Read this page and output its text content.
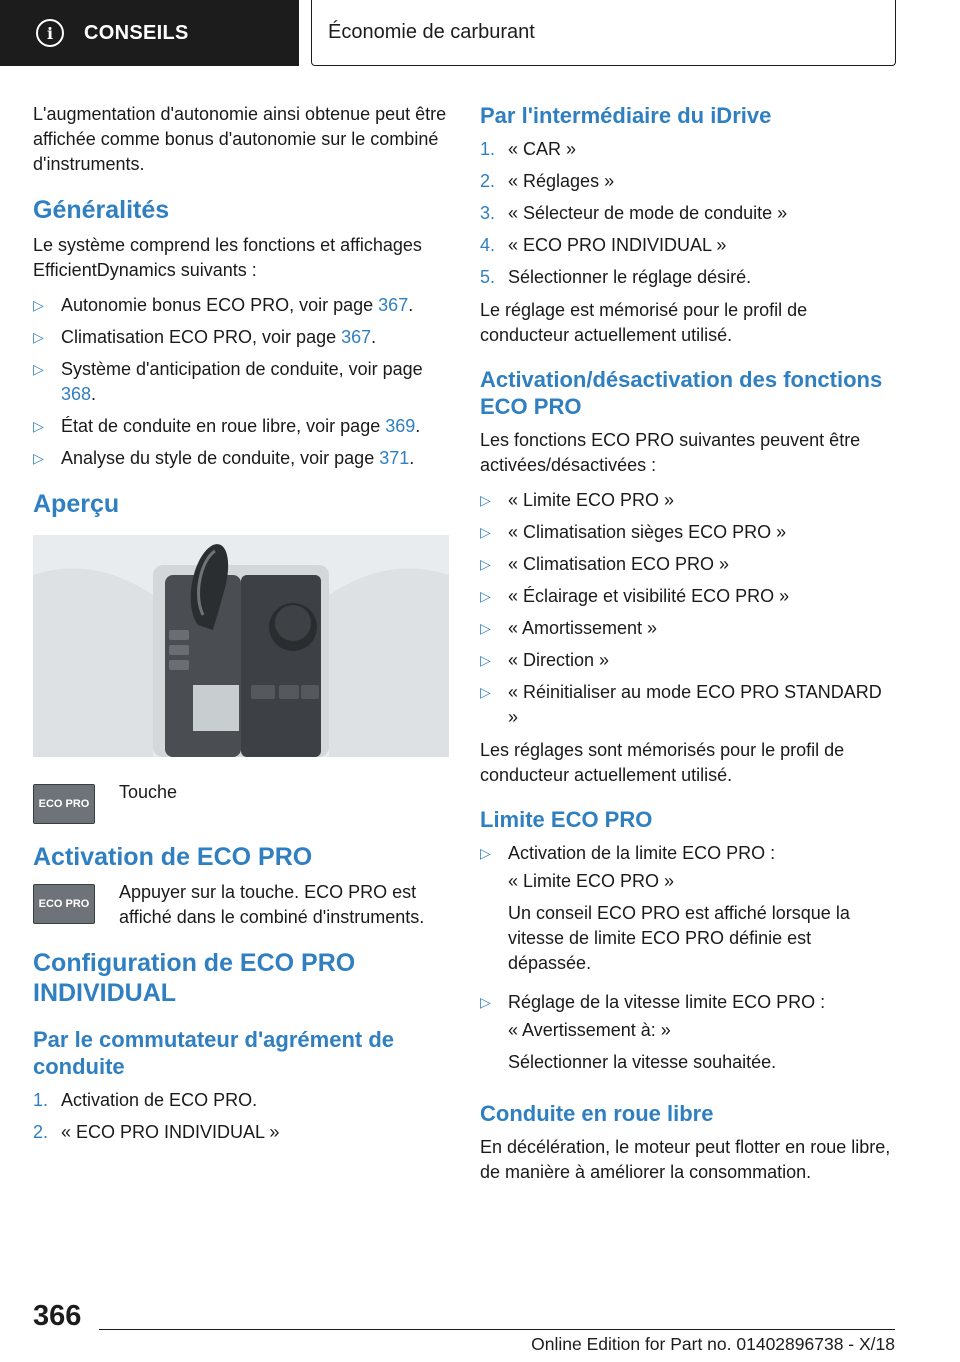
i	CONSEILS	Économie de carburant

L'augmentation d'autonomie ainsi obtenue peut être affichée comme bonus d'autonomie sur le combiné d'instruments.

Généralités

Le système comprend les fonctions et affichages EfficientDynamics suivants :

▷ Autonomie bonus ECO PRO, voir page 367.
▷ Climatisation ECO PRO, voir page 367.
▷ Système d'anticipation de conduite, voir page 368.
▷ État de conduite en roue libre, voir page 369.
▷ Analyse du style de conduite, voir page 371.
Aperçu
ECO PRO
Touche
Activation de ECO PRO
ECO PRO
Appuyer sur la touche. ECO PRO est affiché dans le combiné d'instruments.
Configuration de ECO PRO INDIVIDUAL
Par le commutateur d'agrément de conduite
1. Activation de ECO PRO.
2. « ECO PRO INDIVIDUAL »
Par l'intermédiaire du iDrive
1. « CAR »
2. « Réglages »
3. « Sélecteur de mode de conduite »
4. « ECO PRO INDIVIDUAL »
5. Sélectionner le réglage désiré.

Le réglage est mémorisé pour le profil de conducteur actuellement utilisé.

Activation/désactivation des fonctions ECO PRO

Les fonctions ECO PRO suivantes peuvent être activées/désactivées :

▷ « Limite ECO PRO »
▷ « Climatisation sièges ECO PRO »
▷ « Climatisation ECO PRO »
▷ « Éclairage et visibilité ECO PRO »
▷ « Amortissement »
▷ « Direction »
▷ « Réinitialiser au mode ECO PRO STANDARD »

Les réglages sont mémorisés pour le profil de conducteur actuellement utilisé.

Limite ECO PRO
▷ Activation de la limite ECO PRO :
« Limite ECO PRO »
Un conseil ECO PRO est affiché lorsque la vitesse de limite ECO PRO définie est dépassée.
▷ Réglage de la vitesse limite ECO PRO :
« Avertissement à: »
Sélectionner la vitesse souhaitée.
Conduite en roue libre

En décélération, le moteur peut flotter en roue libre, de manière à améliorer la consommation.

366
Online Edition for Part no. 01402896738 - X/18
